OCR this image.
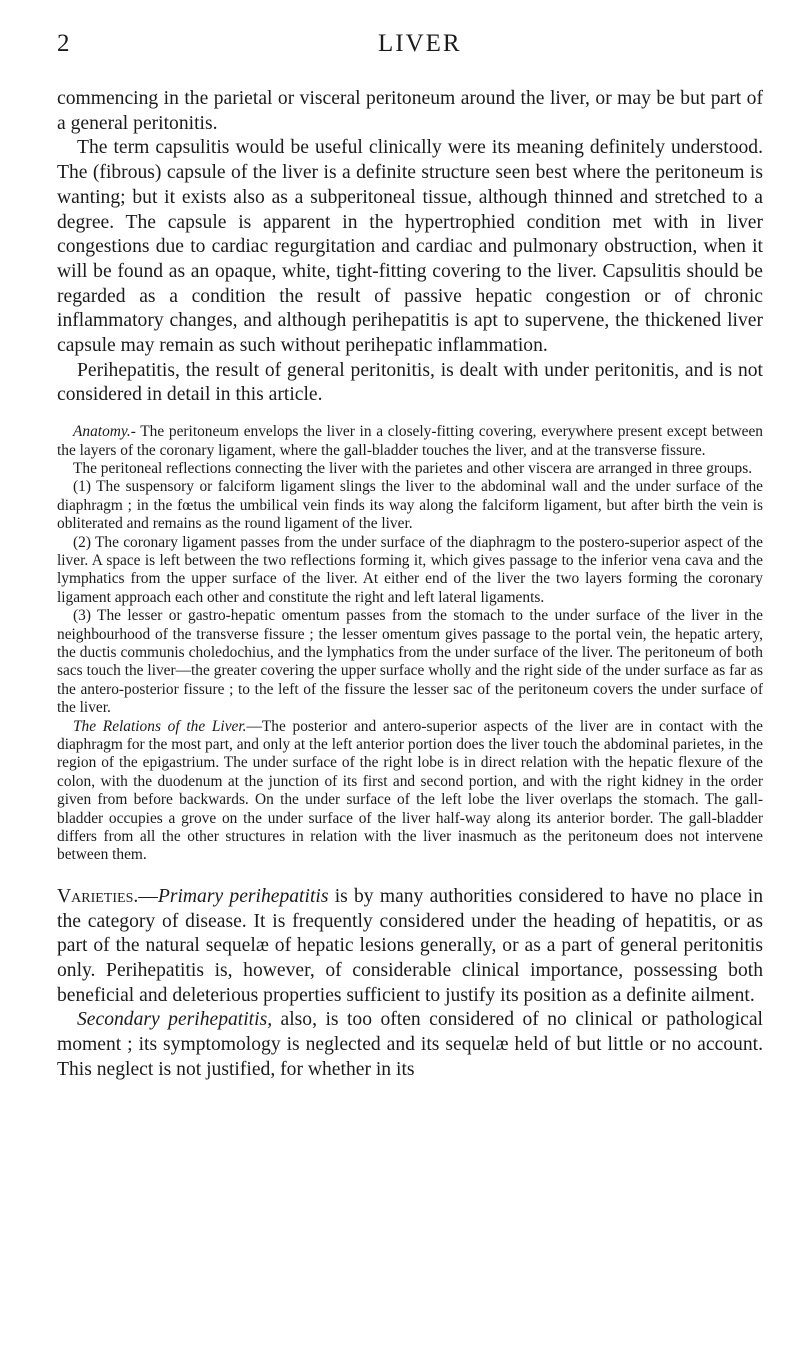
2	LIVER

commencing in the parietal or visceral peritoneum around the liver, or may be but part of a general peritonitis.

The term capsulitis would be useful clinically were its meaning definitely understood. The (fibrous) capsule of the liver is a definite structure seen best where the peritoneum is wanting; but it exists also as a subperitoneal tissue, although thinned and stretched to a degree. The capsule is apparent in the hypertrophied condition met with in liver congestions due to cardiac regurgitation and cardiac and pulmonary obstruction, when it will be found as an opaque, white, tight-fitting covering to the liver. Capsulitis should be regarded as a condition the result of passive hepatic congestion or of chronic inflammatory changes, and although perihepatitis is apt to supervene, the thickened liver capsule may remain as such without perihepatic inflammation.

Perihepatitis, the result of general peritonitis, is dealt with under peritonitis, and is not considered in detail in this article.

Anatomy.- The peritoneum envelops the liver in a closely-fitting covering, everywhere present except between the layers of the coronary ligament, where the gall-bladder touches the liver, and at the transverse fissure.

The peritoneal reflections connecting the liver with the parietes and other viscera are arranged in three groups.

(1) The suspensory or falciform ligament slings the liver to the abdominal wall and the under surface of the diaphragm ; in the fœtus the umbilical vein finds its way along the falciform ligament, but after birth the vein is obliterated and remains as the round ligament of the liver.

(2) The coronary ligament passes from the under surface of the diaphragm to the postero-superior aspect of the liver. A space is left between the two reflections forming it, which gives passage to the inferior vena cava and the lymphatics from the upper surface of the liver. At either end of the liver the two layers forming the coronary ligament approach each other and constitute the right and left lateral ligaments.

(3) The lesser or gastro-hepatic omentum passes from the stomach to the under surface of the liver in the neighbourhood of the transverse fissure ; the lesser omentum gives passage to the portal vein, the hepatic artery, the ductis communis choledochius, and the lymphatics from the under surface of the liver. The peritoneum of both sacs touch the liver—the greater covering the upper surface wholly and the right side of the under surface as far as the antero-posterior fissure ; to the left of the fissure the lesser sac of the peritoneum covers the under surface of the liver.

The Relations of the Liver.—The posterior and antero-superior aspects of the liver are in contact with the diaphragm for the most part, and only at the left anterior portion does the liver touch the abdominal parietes, in the region of the epigastrium. The under surface of the right lobe is in direct relation with the hepatic flexure of the colon, with the duodenum at the junction of its first and second portion, and with the right kidney in the order given from before backwards. On the under surface of the left lobe the liver overlaps the stomach. The gall-bladder occupies a grove on the under surface of the liver half-way along its anterior border. The gall-bladder differs from all the other structures in relation with the liver inasmuch as the peritoneum does not intervene between them.

Varieties.—Primary perihepatitis is by many authorities considered to have no place in the category of disease. It is frequently considered under the heading of hepatitis, or as part of the natural sequelæ of hepatic lesions generally, or as a part of general peritonitis only. Perihepatitis is, however, of considerable clinical importance, possessing both beneficial and deleterious properties sufficient to justify its position as a definite ailment.

Secondary perihepatitis, also, is too often considered of no clinical or pathological moment ; its symptomology is neglected and its sequelæ held of but little or no account. This neglect is not justified, for whether in its
